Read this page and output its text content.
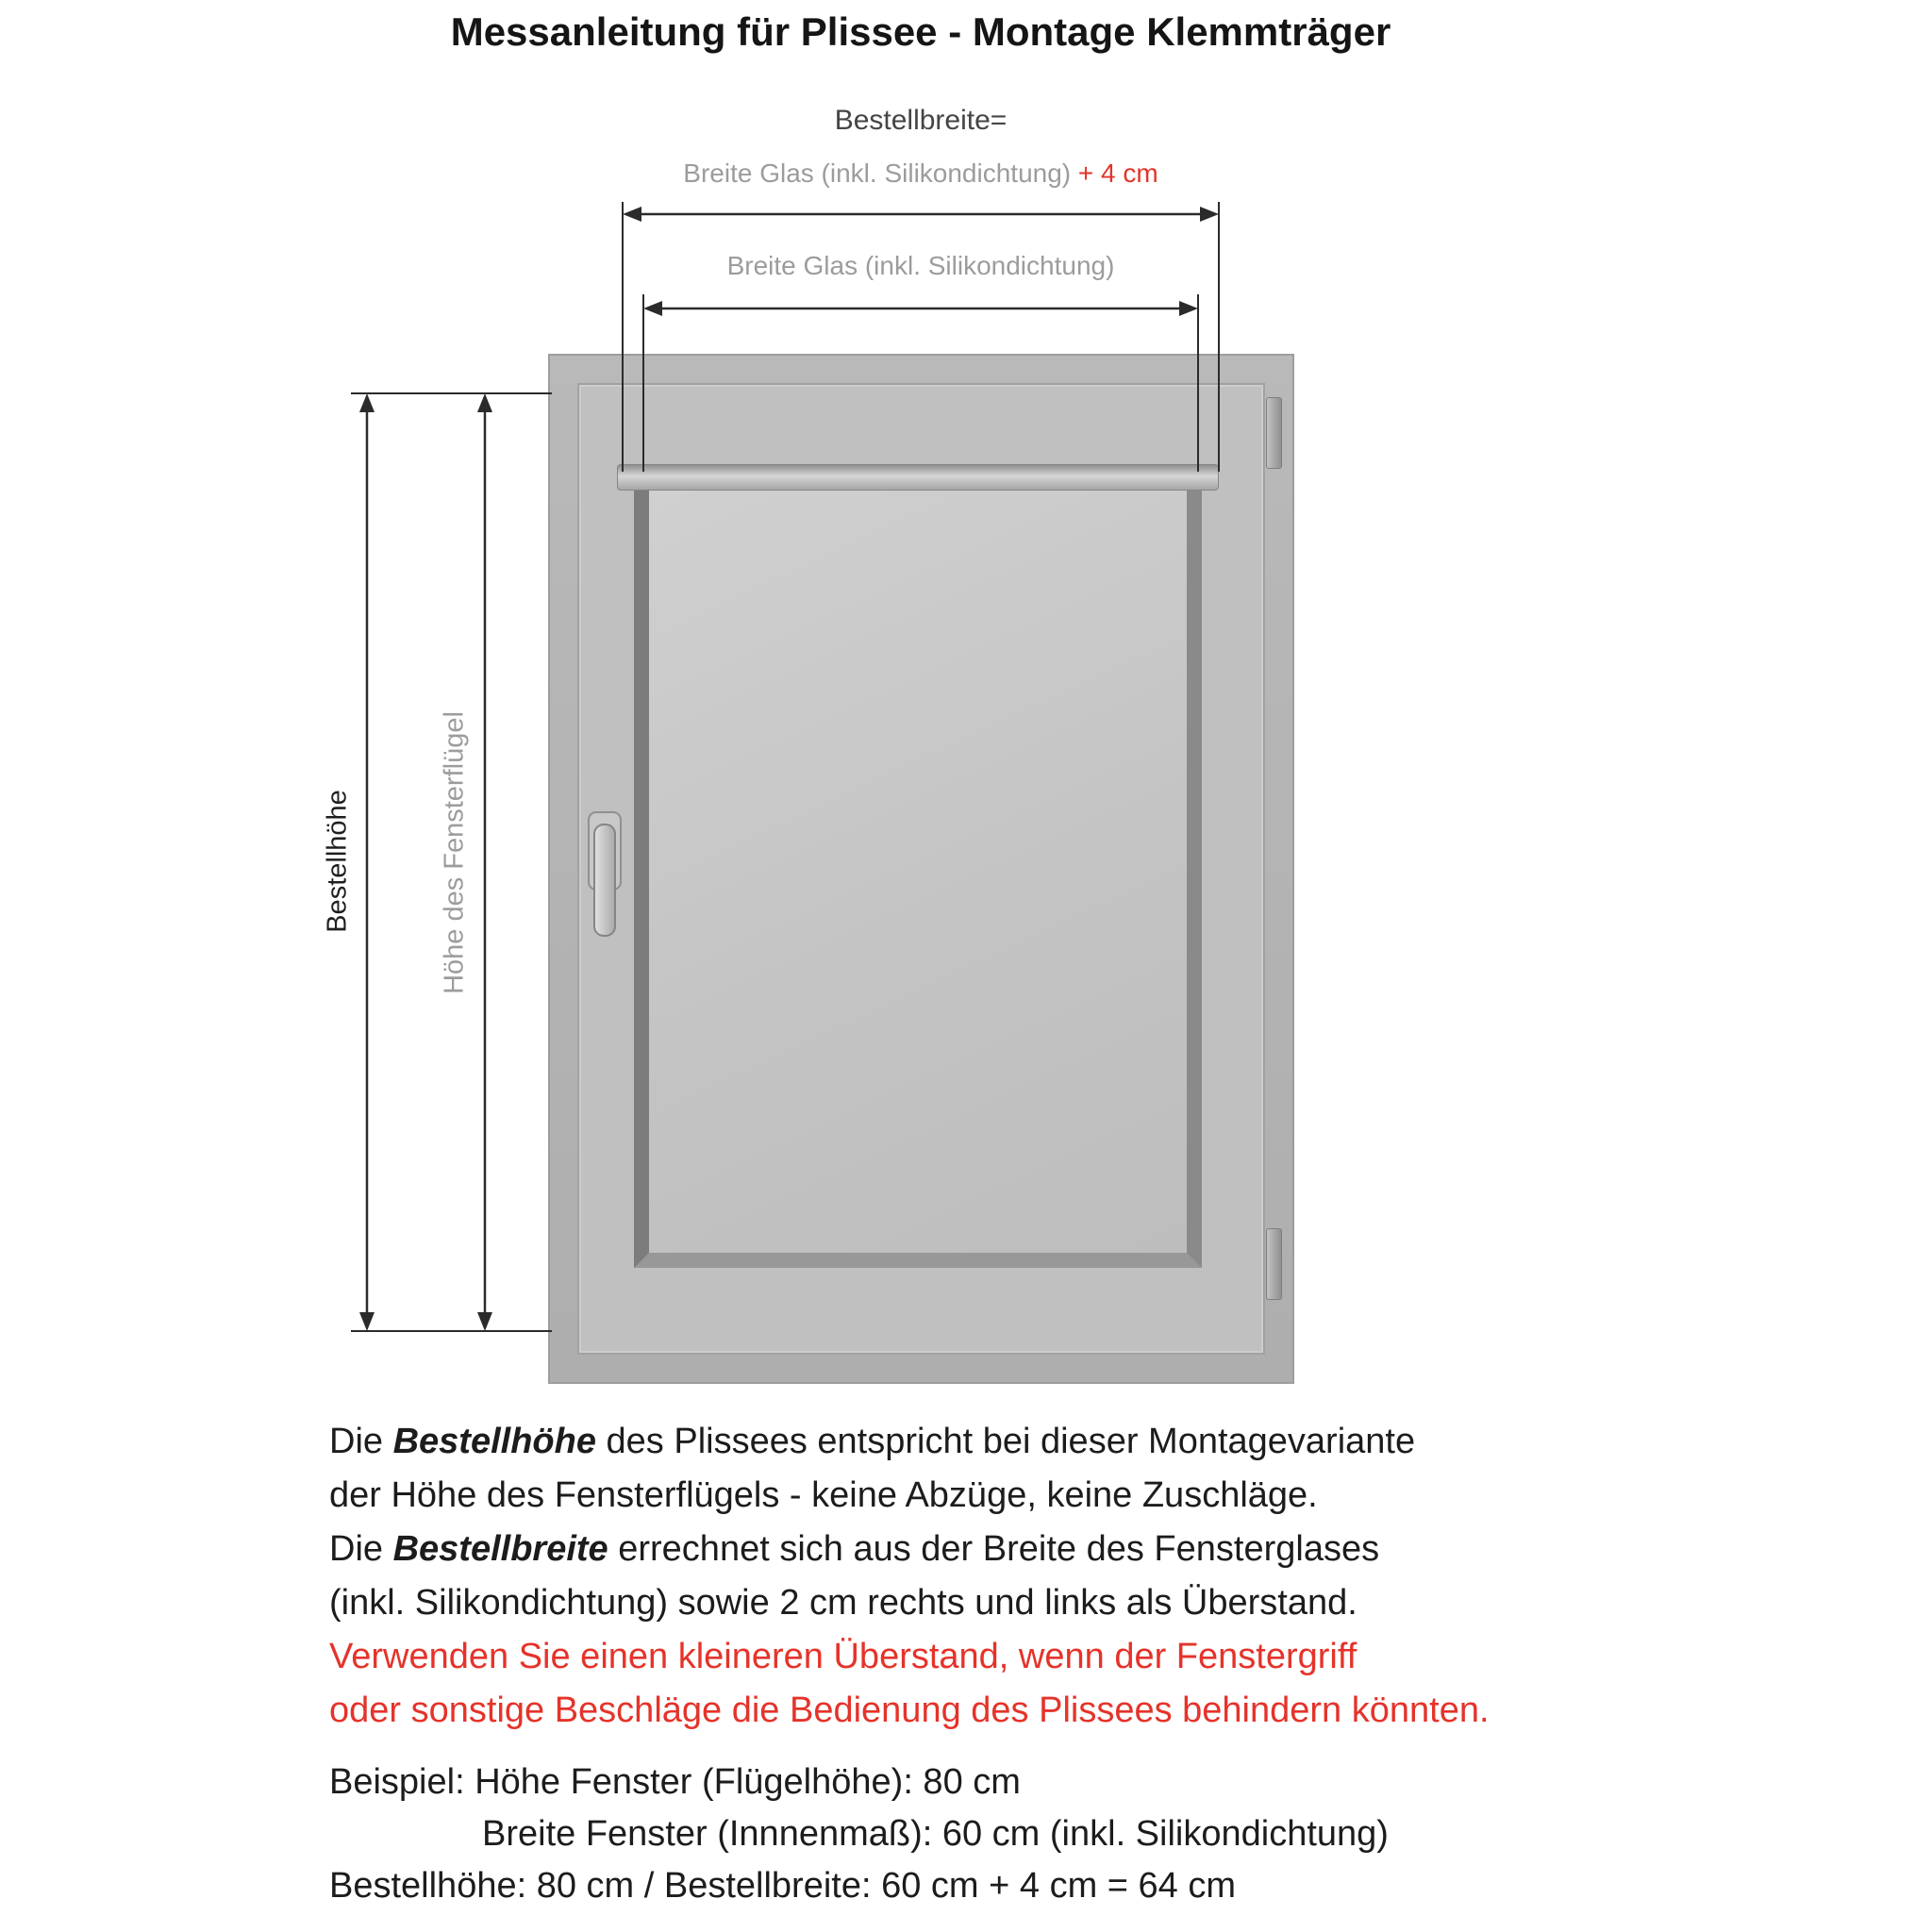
Messanleitung für Plissee - Montage Klemmträger
Bestellbreite=
Breite Glas (inkl. Silikondichtung) + 4 cm
Breite Glas (inkl. Silikondichtung)
Bestellhöhe	Höhe des Fensterflügel

Die Bestellhöhe des Plissees entspricht bei dieser Montagevariante

der Höhe des Fensterflügels - keine Abzüge, keine Zuschläge.

Die Bestellbreite errechnet sich aus der Breite des Fensterglases

(inkl. Silikondichtung) sowie 2 cm rechts und links als Überstand.

Verwenden Sie einen kleineren Überstand, wenn der Fenstergriff

oder sonstige Beschläge die Bedienung des Plissees behindern könnten.

Beispiel: Höhe Fenster (Flügelhöhe): 80 cm

Breite Fenster (Innnenmaß): 60 cm (inkl. Silikondichtung)

Bestellhöhe: 80 cm / Bestellbreite: 60 cm + 4 cm = 64 cm
